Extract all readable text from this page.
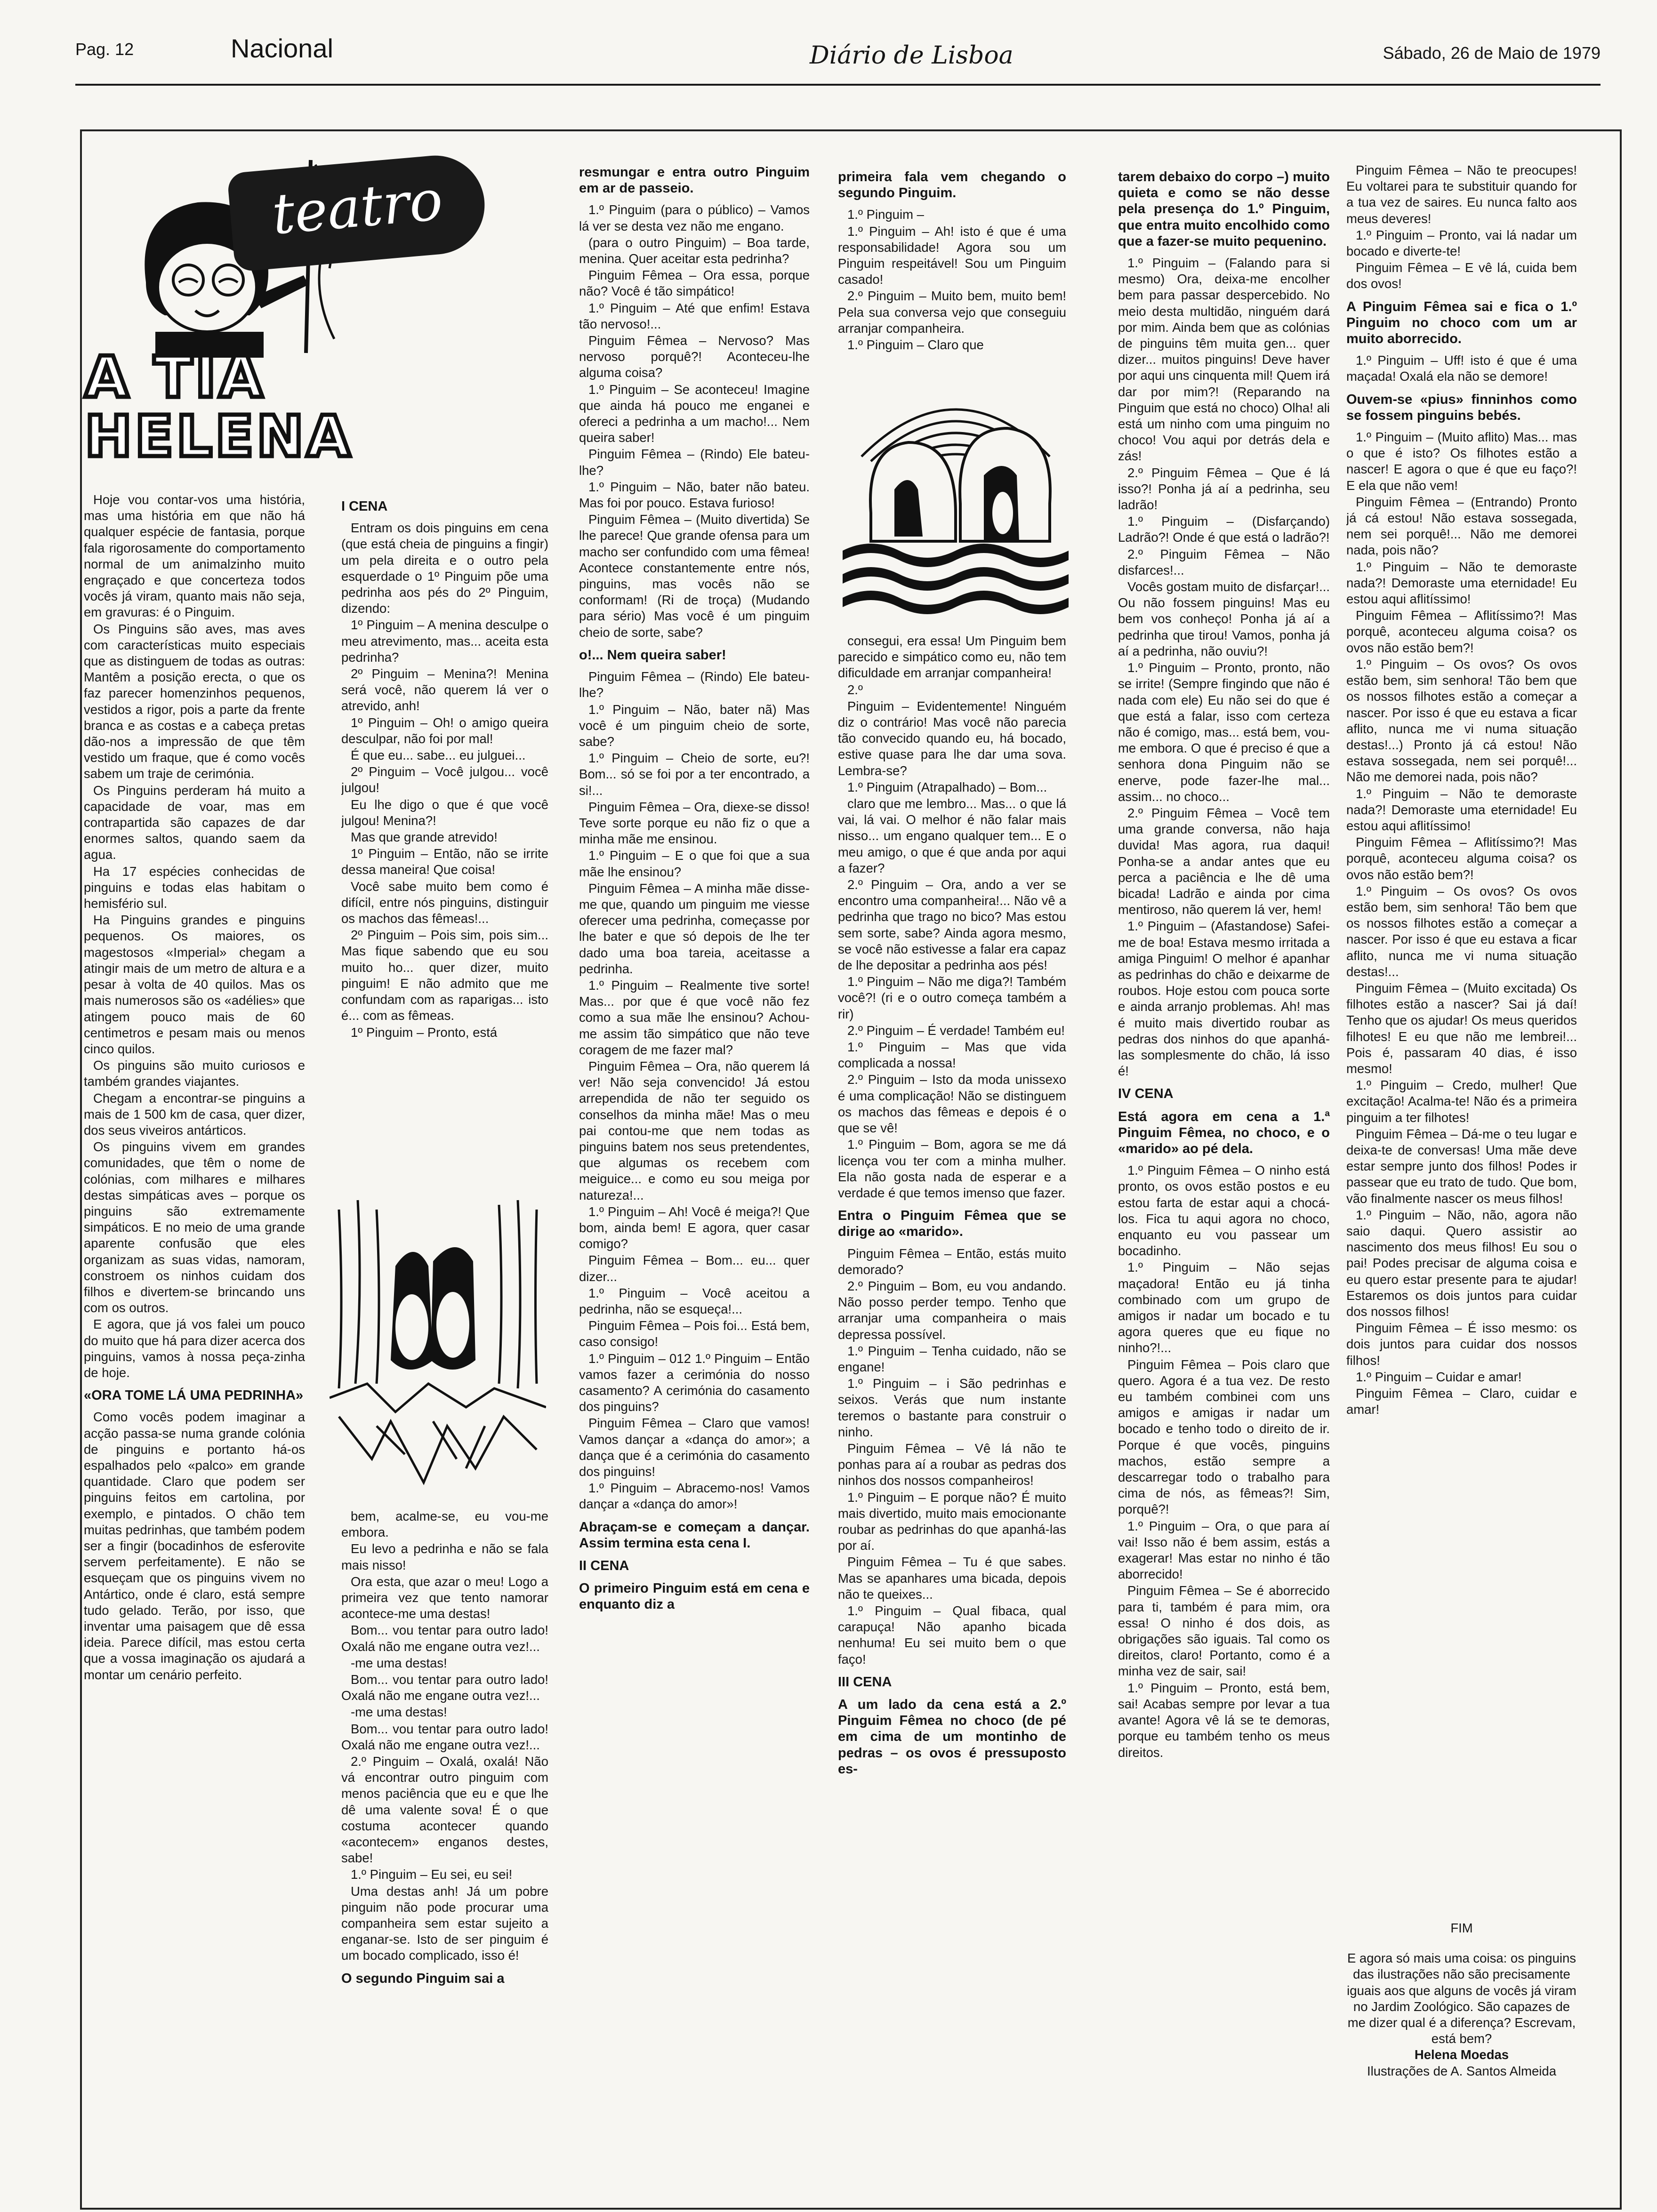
Pag. 12	Nacional	Diário de Lisboa	Sábado, 26 de Maio de 1979
teatro
A TIA
HELENA

Hoje vou contar-vos uma história, mas uma história em que não há qualquer espécie de fantasia, porque fala rigorosamente do comportamento normal de um animalzinho muito engraçado e que concerteza todos vocês já viram, quanto mais não seja, em gravuras: é o Pinguim.

Os Pinguins são aves, mas aves com características muito especiais que as distinguem de todas as outras: Mantêm a posição erecta, o que os faz parecer homenzinhos pequenos, vestidos a rigor, pois a parte da frente branca e as costas e a cabeça pretas dão-nos a impressão de que têm vestido um fraque, que é como vocês sabem um traje de cerimónia.

Os Pinguins perderam há muito a capacidade de voar, mas em contrapartida são capazes de dar enormes saltos, quando saem da agua.

Ha 17 espécies conhecidas de pinguins e todas elas habitam o hemisfério sul.

Ha Pinguins grandes e pinguins pequenos. Os maiores, os magestosos «Imperial» chegam a atingir mais de um metro de altura e a pesar à volta de 40 quilos. Mas os mais numerosos são os «adélies» que atingem pouco mais de 60 centimetros e pesam mais ou menos cinco quilos.

Os pinguins são muito curiosos e também grandes viajantes.

Chegam a encontrar-se pinguins a mais de 1 500 km de casa, quer dizer, dos seus viveiros antárticos.

Os pinguins vivem em grandes comunidades, que têm o nome de colónias, com milhares e milhares destas simpáticas aves – porque os pinguins são extremamente simpáticos. E no meio de uma grande aparente confusão que eles organizam as suas vidas, namoram, constroem os ninhos cuidam dos filhos e divertem-se brincando uns com os outros.

E agora, que já vos falei um pouco do muito que há para dizer acerca dos pinguins, vamos à nossa peça-zinha de hoje.

«ORA TOME LÁ UMA PEDRINHA»

Como vocês podem imaginar a acção passa-se numa grande colónia de pinguins e portanto há-os espalhados pelo «palco» em grande quantidade. Claro que podem ser pinguins feitos em cartolina, por exemplo, e pintados. O chão tem muitas pedrinhas, que também podem ser a fingir (bocadinhos de esferovite servem perfeitamente). E não se esqueçam que os pinguins vivem no Antártico, onde é claro, está sempre tudo gelado. Terão, por isso, que inventar uma paisagem que dê essa ideia. Parece difícil, mas estou certa que a vossa imaginação os ajudará a montar um cenário perfeito.

I CENA

Entram os dois pinguins em cena (que está cheia de pinguins a fingir) um pela direita e o outro pela esquerdade o 1º Pinguim põe uma pedrinha aos pés do 2º Pinguim, dizendo:

1º Pinguim – A menina desculpe o meu atrevimento, mas... aceita esta pedrinha?

2º Pinguim – Menina?! Menina será você, não querem lá ver o atrevido, anh!

1º Pinguim – Oh! o amigo queira desculpar, não foi por mal!

É que eu... sabe... eu julguei...

2º Pinguim – Você julgou... você julgou!

Eu lhe digo o que é que você julgou! Menina?!

Mas que grande atrevido!

1º Pinguim – Então, não se irrite dessa maneira! Que coisa!

Você sabe muito bem como é difícil, entre nós pinguins, distinguir os machos das fêmeas!...

2º Pinguim – Pois sim, pois sim... Mas fique sabendo que eu sou muito ho... quer dizer, muito pinguim! E não admito que me confundam com as raparigas... isto é... com as fêmeas.

1º Pinguim – Pronto, está

bem, acalme-se, eu vou-me embora.

Eu levo a pedrinha e não se fala mais nisso!

Ora esta, que azar o meu! Logo a primeira vez que tento namorar acontece-me uma destas!

Bom... vou tentar para outro lado! Oxalá não me engane outra vez!...

-me uma destas!

Bom... vou tentar para outro lado! Oxalá não me engane outra vez!...

-me uma destas!

Bom... vou tentar para outro lado! Oxalá não me engane outra vez!...

2.º Pinguim – Oxalá, oxalá! Não vá encontrar outro pinguim com menos paciência que eu e que lhe dê uma valente sova! É o que costuma acontecer quando «acontecem» enganos destes, sabe!

1.º Pinguim – Eu sei, eu sei!

Uma destas anh! Já um pobre pinguim não pode procurar uma companheira sem estar sujeito a enganar-se. Isto de ser pinguim é um bocado complicado, isso é!

O segundo Pinguim sai a

resmungar e entra outro Pinguim em ar de passeio.

1.º Pinguim (para o público) – Vamos lá ver se desta vez não me engano.

(para o outro Pinguim) – Boa tarde, menina. Quer aceitar esta pedrinha?

Pinguim Fêmea – Ora essa, porque não? Você é tão simpático!

1.º Pinguim – Até que enfim! Estava tão nervoso!...

Pinguim Fêmea – Nervoso? Mas nervoso porquê?! Aconteceu-lhe alguma coisa?

1.º Pinguim – Se aconteceu! Imagine que ainda há pouco me enganei e ofereci a pedrinha a um macho!... Nem queira saber!

Pinguim Fêmea – (Rindo) Ele bateu-lhe?

1.º Pinguim – Não, bater não bateu. Mas foi por pouco. Estava furioso!

Pinguim Fêmea – (Muito divertida) Se lhe parece! Que grande ofensa para um macho ser confundido com uma fêmea! Acontece constantemente entre nós, pinguins, mas vocês não se conformam! (Ri de troça) (Mudando para sério) Mas você é um pinguim cheio de sorte, sabe?

o!... Nem queira saber!

Pinguim Fêmea – (Rindo) Ele bateu-lhe?

1.º Pinguim – Não, bater nã) Mas você é um pinguim cheio de sorte, sabe?

1.º Pinguim – Cheio de sorte, eu?! Bom... só se foi por a ter encontrado, a si!...

Pinguim Fêmea – Ora, diexe-se disso! Teve sorte porque eu não fiz o que a minha mãe me ensinou.

1.º Pinguim – E o que foi que a sua mãe lhe ensinou?

Pinguim Fêmea – A minha mãe disse-me que, quando um pinguim me viesse oferecer uma pedrinha, começasse por lhe bater e que só depois de lhe ter dado uma boa tareia, aceitasse a pedrinha.

1.º Pinguim – Realmente tive sorte! Mas... por que é que você não fez como a sua mãe lhe ensinou? Achou-me assim tão simpático que não teve coragem de me fazer mal?

Pinguim Fêmea – Ora, não querem lá ver! Não seja convencido! Já estou arrependida de não ter seguido os conselhos da minha mãe! Mas o meu pai contou-me que nem todas as pinguins batem nos seus pretendentes, que algumas os recebem com meiguice... e como eu sou meiga por natureza!...

1.º Pinguim – Ah! Você é meiga?! Que bom, ainda bem! E agora, quer casar comigo?

Pinguim Fêmea – Bom... eu... quer dizer...

1.º Pinguim – Você aceitou a pedrinha, não se esqueça!...

Pinguim Fêmea – Pois foi... Está bem, caso consigo!

1.º Pinguim – 012 1.º Pinguim – Então vamos fazer a cerimónia do nosso casamento? A cerimónia do casamento dos pinguins?

Pinguim Fêmea – Claro que vamos! Vamos dançar a «dança do amor»; a dança que é a cerimónia do casamento dos pinguins!

1.º Pinguim – Abracemo-nos! Vamos dançar a «dança do amor»!

Abraçam-se e começam a dançar. Assim termina esta cena I.

II CENA

O primeiro Pinguim está em cena e enquanto diz a

primeira fala vem chegando o segundo Pinguim.

1.º Pinguim –

1.º Pinguim – Ah! isto é que é uma responsabilidade! Agora sou um Pinguim respeitável! Sou um Pinguim casado!

2.º Pinguim – Muito bem, muito bem! Pela sua conversa vejo que conseguiu arranjar companheira.

1.º Pinguim – Claro que

consegui, era essa! Um Pinguim bem parecido e simpático como eu, não tem dificuldade em arranjar companheira!

2.º

Pinguim – Evidentemente! Ninguém diz o contrário! Mas você não parecia tão convecido quando eu, há bocado, estive quase para lhe dar uma sova. Lembra-se?

1.º Pinguim (Atrapalhado) – Bom...

claro que me lembro... Mas... o que lá vai, lá vai. O melhor é não falar mais nisso... um engano qualquer tem... E o meu amigo, o que é que anda por aqui a fazer?

2.º Pinguim – Ora, ando a ver se encontro uma companheira!... Não vê a pedrinha que trago no bico? Mas estou sem sorte, sabe? Ainda agora mesmo, se você não estivesse a falar era capaz de lhe depositar a pedrinha aos pés!

1.º Pinguim – Não me diga?! Também você?! (ri e o outro começa também a rir)

2.º Pinguim – É verdade! Também eu!

1.º Pinguim – Mas que vida complicada a nossa!

2.º Pinguim – Isto da moda unissexo é uma complicação! Não se distinguem os machos das fêmeas e depois é o que se vê!

1.º Pinguim – Bom, agora se me dá licença vou ter com a minha mulher. Ela não gosta nada de esperar e a verdade é que temos imenso que fazer.

Entra o Pinguim Fêmea que se dirige ao «marido».

Pinguim Fêmea – Então, estás muito demorado?

2.º Pinguim – Bom, eu vou andando. Não posso perder tempo. Tenho que arranjar uma companheira o mais depressa possível.

1.º Pinguim – Tenha cuidado, não se engane!

1.º Pinguim – i São pedrinhas e seixos. Verás que num instante teremos o bastante para construir o ninho.

Pinguim Fêmea – Vê lá não te ponhas para aí a roubar as pedras dos ninhos dos nossos companheiros!

1.º Pinguim – E porque não? É muito mais divertido, muito mais emocionante roubar as pedrinhas do que apanhá-las por aí.

Pinguim Fêmea – Tu é que sabes. Mas se apanhares uma bicada, depois não te queixes...

1.º Pinguim – Qual fibaca, qual carapuça! Não apanho bicada nenhuma! Eu sei muito bem o que faço!

III CENA

A um lado da cena está a 2.º Pinguim Fêmea no choco (de pé em cima de um montinho de pedras – os ovos é pressuposto es-

tarem debaixo do corpo –) muito quieta e como se não desse pela presença do 1.º Pinguim, que entra muito encolhido como que a fazer-se muito pequenino.

1.º Pinguim – (Falando para si mesmo) Ora, deixa-me encolher bem para passar despercebido. No meio desta multidão, ninguém dará por mim. Ainda bem que as colónias de pinguins têm muita gen... quer dizer... muitos pinguins! Deve haver por aqui uns cinquenta mil! Quem irá dar por mim?! (Reparando na Pinguim que está no choco) Olha! ali está um ninho com uma pinguim no choco! Vou aqui por detrás dela e zás!

2.º Pinguim Fêmea – Que é lá isso?! Ponha já aí a pedrinha, seu ladrão!

1.º Pinguim – (Disfarçando) Ladrão?! Onde é que está o ladrão?!

2.º Pinguim Fêmea – Não disfarces!...

Vocês gostam muito de disfarçar!... Ou não fossem pinguins! Mas eu bem vos conheço! Ponha já aí a pedrinha que tirou! Vamos, ponha já aí a pedrinha, não ouviu?!

1.º Pinguim – Pronto, pronto, não se irrite! (Sempre fingindo que não é nada com ele) Eu não sei do que é que está a falar, isso com certeza não é comigo, mas... está bem, vou-me embora. O que é preciso é que a senhora dona Pinguim não se enerve, pode fazer-lhe mal... assim... no choco...

2.º Pinguim Fêmea – Você tem uma grande conversa, não haja duvida! Mas agora, rua daqui! Ponha-se a andar antes que eu perca a paciência e lhe dê uma bicada! Ladrão e ainda por cima mentiroso, não querem lá ver, hem!

1.º Pinguim – (Afastandose) Safei-me de boa! Estava mesmo irritada a amiga Pinguim! O melhor é apanhar as pedrinhas do chão e deixarme de roubos. Hoje estou com pouca sorte e ainda arranjo problemas. Ah! mas é muito mais divertido roubar as pedras dos ninhos do que apanhá-las somplesmente do chão, lá isso é!

IV CENA

Está agora em cena a 1.ª Pinguim Fêmea, no choco, e o «marido» ao pé dela.

1.º Pinguim Fêmea – O ninho está pronto, os ovos estão postos e eu estou farta de estar aqui a chocá-los. Fica tu aqui agora no choco, enquanto eu vou passear um bocadinho.

1.º Pinguim – Não sejas maçadora! Então eu já tinha combinado com um grupo de amigos ir nadar um bocado e tu agora queres que eu fique no ninho?!...

Pinguim Fêmea – Pois claro que quero. Agora é a tua vez. De resto eu também combinei com uns amigos e amigas ir nadar um bocado e tenho todo o direito de ir. Porque é que vocês, pinguins machos, estão sempre a descarregar todo o trabalho para cima de nós, as fêmeas?! Sim, porquê?!

1.º Pinguim – Ora, o que para aí vai! Isso não é bem assim, estás a exagerar! Mas estar no ninho é tão aborrecido!

Pinguim Fêmea – Se é aborrecido para ti, também é para mim, ora essa! O ninho é dos dois, as obrigações são iguais. Tal como os direitos, claro! Portanto, como é a minha vez de sair, sai!

1.º Pinguim – Pronto, está bem, sai! Acabas sempre por levar a tua avante! Agora vê lá se te demoras, porque eu também tenho os meus direitos.

Pinguim Fêmea – Não te preocupes! Eu voltarei para te substituir quando for a tua vez de saires. Eu nunca falto aos meus deveres!

1.º Pinguim – Pronto, vai lá nadar um bocado e diverte-te!

Pinguim Fêmea – E vê lá, cuida bem dos ovos!

A Pinguim Fêmea sai e fica o 1.º Pinguim no choco com um ar muito aborrecido.

1.º Pinguim – Uff! isto é que é uma maçada! Oxalá ela não se demore!

Ouvem-se «pius» finninhos como se fossem pinguins bebés.

1.º Pinguim – (Muito aflito) Mas... mas o que é isto? Os filhotes estão a nascer! E agora o que é que eu faço?! E ela que não vem!

Pinguim Fêmea – (Entrando) Pronto já cá estou! Não estava sossegada, nem sei porquê!... Não me demorei nada, pois não?

1.º Pinguim – Não te demoraste nada?! Demoraste uma eternidade! Eu estou aqui aflitíssimo!

Pinguim Fêmea – Aflitíssimo?! Mas porquê, aconteceu alguma coisa? os ovos não estão bem?!

1.º Pinguim – Os ovos? Os ovos estão bem, sim senhora! Tão bem que os nossos filhotes estão a começar a nascer. Por isso é que eu estava a ficar aflito, nunca me vi numa situação destas!...) Pronto já cá estou! Não estava sossegada, nem sei porquê!... Não me demorei nada, pois não?

1.º Pinguim – Não te demoraste nada?! Demoraste uma eternidade! Eu estou aqui aflitíssimo!

Pinguim Fêmea – Aflitíssimo?! Mas porquê, aconteceu alguma coisa? os ovos não estão bem?!

1.º Pinguim – Os ovos? Os ovos estão bem, sim senhora! Tão bem que os nossos filhotes estão a começar a nascer. Por isso é que eu estava a ficar aflito, nunca me vi numa situação destas!...

Pinguim Fêmea – (Muito excitada) Os filhotes estão a nascer? Sai já daí! Tenho que os ajudar! Os meus queridos filhotes! E eu que não me lembrei!... Pois é, passaram 40 dias, é isso mesmo!

1.º Pinguim – Credo, mulher! Que excitação! Acalma-te! Não és a primeira pinguim a ter filhotes!

Pinguim Fêmea – Dá-me o teu lugar e deixa-te de conversas! Uma mãe deve estar sempre junto dos filhos! Podes ir passear que eu trato de tudo. Que bom, vão finalmente nascer os meus filhos!

1.º Pinguim – Não, não, agora não saio daqui. Quero assistir ao nascimento dos meus filhos! Eu sou o pai! Podes precisar de alguma coisa e eu quero estar presente para te ajudar! Estaremos os dois juntos para cuidar dos nossos filhos!

Pinguim Fêmea – É isso mesmo: os dois juntos para cuidar dos nossos filhos!

1.º Pinguim – Cuidar e amar!

Pinguim Fêmea – Claro, cuidar e amar!

FIM
E agora só mais uma coisa: os pinguins das ilustrações não são precisamente iguais aos que alguns de vocês já viram no Jardim Zoológico. São capazes de me dizer qual é a diferença? Escrevam, está bem?
Helena Moedas
Ilustrações de A. Santos Almeida
